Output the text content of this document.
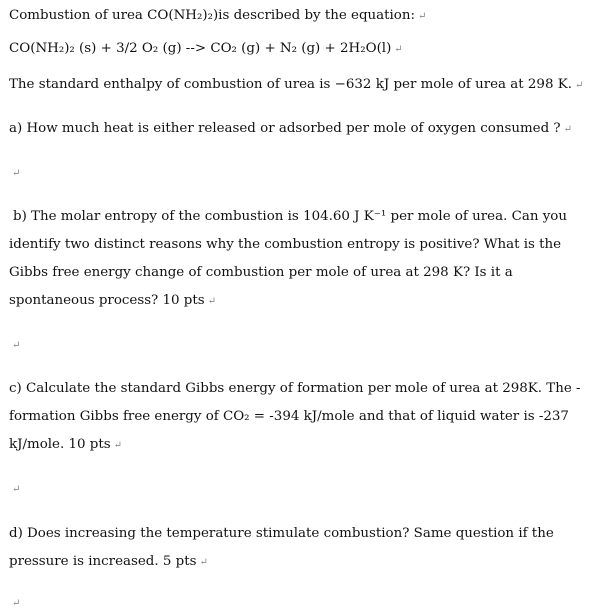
Combustion of urea CO(NH₂)₂)is described by the equation: ↵
CO(NH₂)₂ (s) + 3/2 O₂ (g) --> CO₂ (g) + N₂ (g) + 2H₂O(l) ↵
The standard enthalpy of combustion of urea is −632 kJ per mole of urea at 298 K. ↵
a) How much heat is either released or adsorbed per mole of oxygen consumed ? ↵
↵
b) The molar entropy of the combustion is 104.60 J K⁻¹ per mole of urea. Can you
identify two distinct reasons why the combustion entropy is positive? What is the
Gibbs free energy change of combustion per mole of urea at 298 K? Is it a
spontaneous process? 10 pts ↵
↵
c) Calculate the standard Gibbs energy of formation per mole of urea at 298K. The -
formation Gibbs free energy of CO₂ = -394 kJ/mole and that of liquid water is -237
kJ/mole. 10 pts ↵
↵
d) Does increasing the temperature stimulate combustion? Same question if the
pressure is increased. 5 pts ↵
↵
